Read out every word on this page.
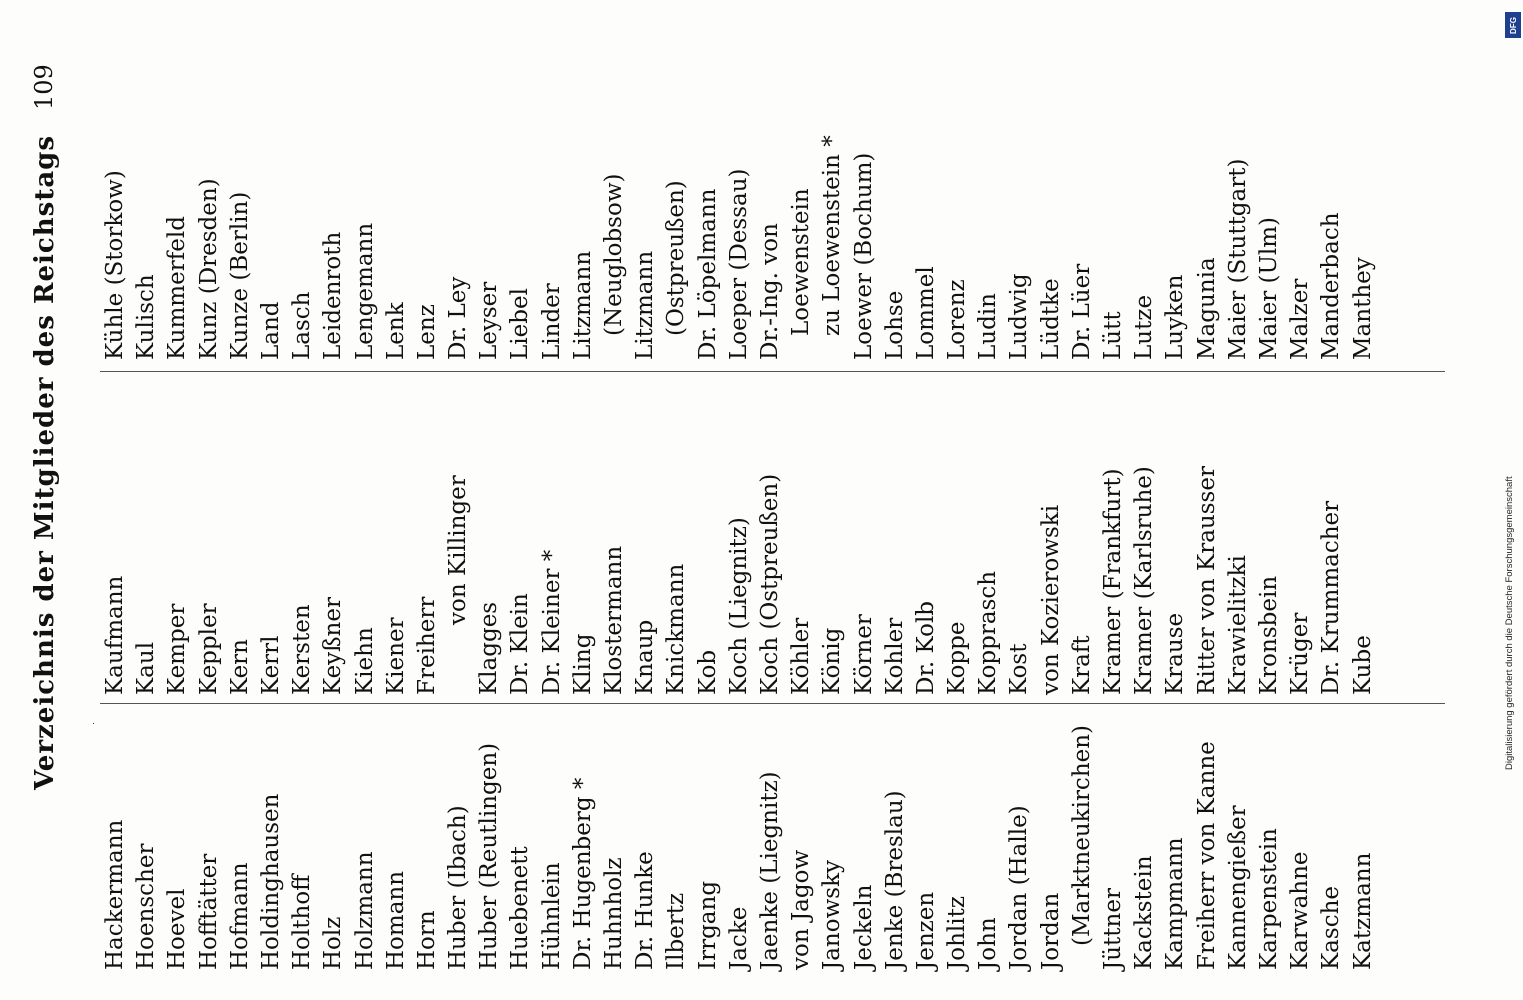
Verzeichnis der Mitglieder des Reichstags
109
Hackermann Hoenscher Hoevel Hofftätter Hofmann Holdinghausen Holthoff Holz Holzmann Homann Horn Huber (Ibach) Huber (Reutlingen) Huebenett Hühnlein Dr. Hugenberg * Huhnholz Dr. Hunke Ilbertz Irrgang Jacke Jaenke (Liegnitz) von Jagow Janowsky Jeckeln Jenke (Breslau) Jenzen Johlitz John Jordan (Halle) Jordan (Marktneukirchen) Jüttner Kackstein Kampmann Freiherr von Kanne Kannengießer Karpenstein Karwahne Kasche Katzmann
Kaufmann Kaul Kemper Keppler Kern Kerrl Kersten Keyßner Kiehn Kiener Freiherr
von Killinger
Klagges Dr. Klein Dr. Kleiner * Kling Klostermann Knaup Knickmann Kob Koch (Liegnitz) Koch (Ostpreußen) Köhler König Körner Kohler Dr. Kolb Koppe Kopprasch Kost von Kozierowski Kraft Kramer (Frankfurt) Kramer (Karlsruhe) Krause Ritter von Krausser Krawielitzki Kronsbein Krüger Dr. Krummacher Kube
Kühle (Storkow) Kulisch Kummerfeld Kunz (Dresden) Kunze (Berlin) Land Lasch Leidenroth Lengemann Lenk Lenz Dr. Ley Leyser Liebel Linder Litzmann (Neuglobsow) Litzmann (Ostpreußen) Dr. Löpelmann Loeper (Dessau) Dr.-Ing. von Loewenstein zu Loewenstein * Loewer (Bochum) Lohse Lommel Lorenz Ludin Ludwig Lüdtke Dr. Lüer Lütt Lutze Luyken Magunia Maier (Stuttgart) Maier (Ulm) Malzer Manderbach Manthey
DFG
Digitalisierung gefördert durch die Deutsche Forschungsgemeinschaft
